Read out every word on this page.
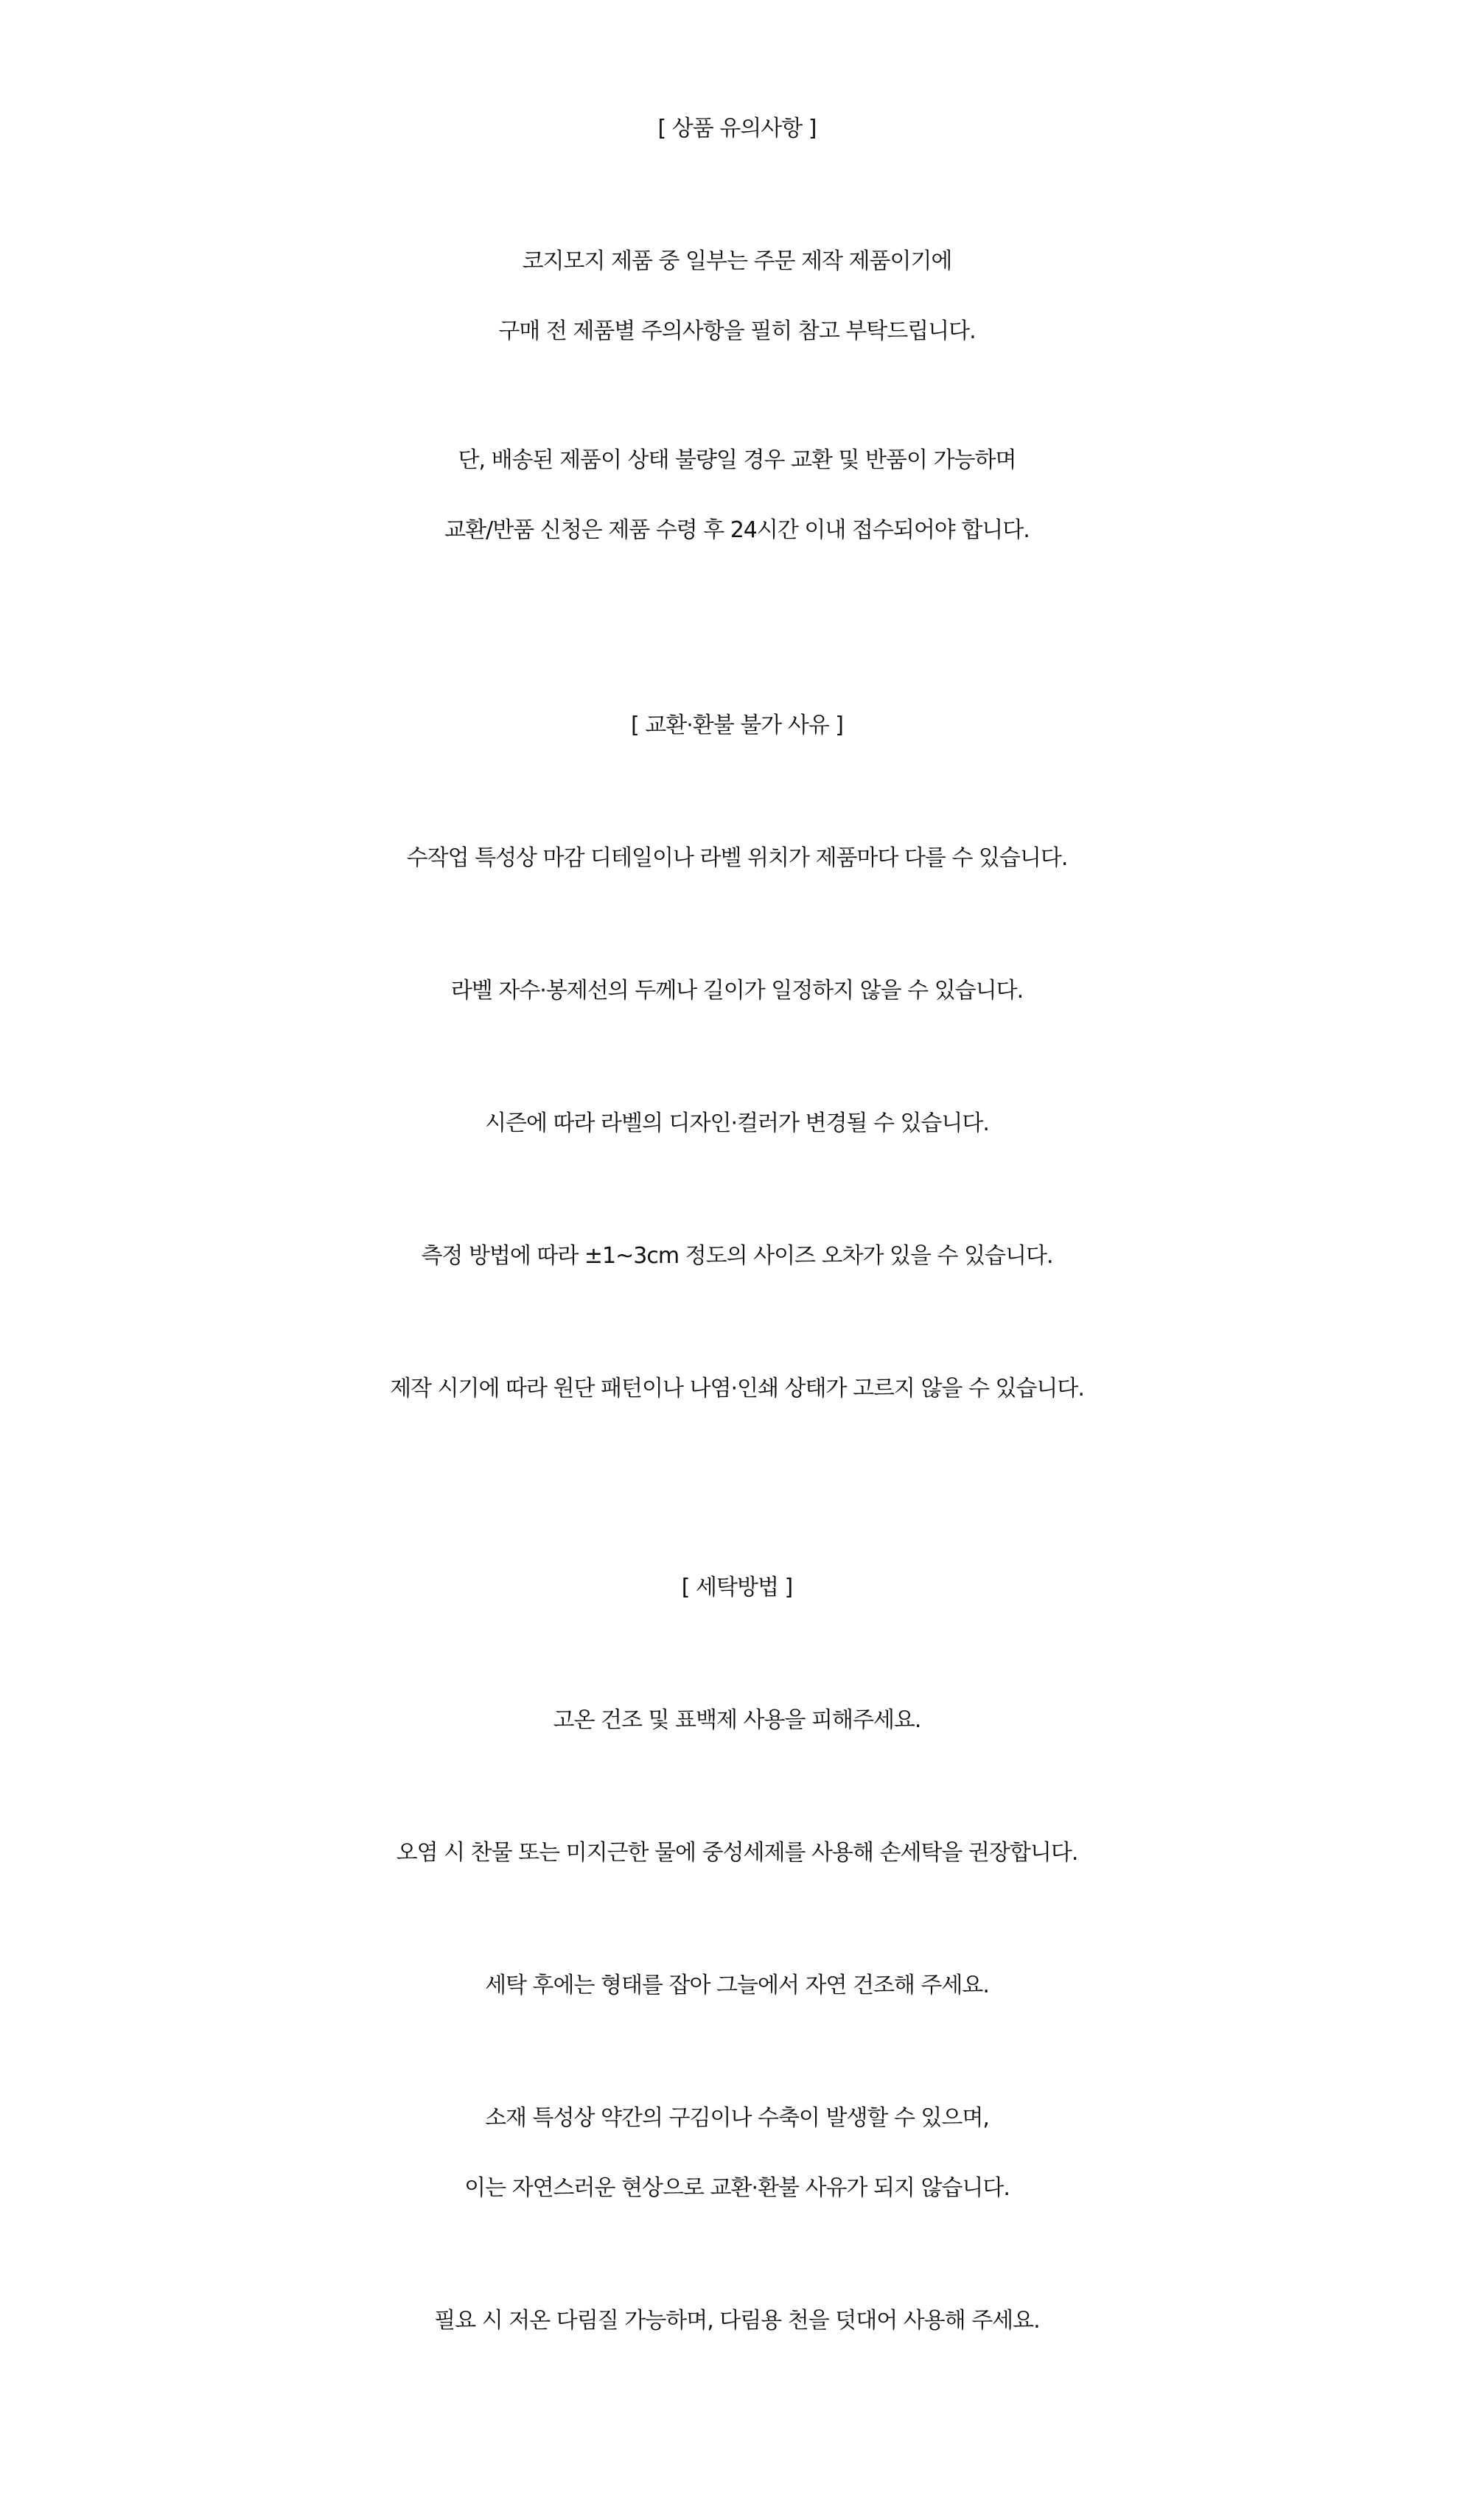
[ 상품 유의사항 ]
코지모지 제품 중 일부는 주문 제작 제품이기에
구매 전 제품별 주의사항을 필히 참고 부탁드립니다.
단, 배송된 제품이 상태 불량일 경우 교환 및 반품이 가능하며
교환/반품 신청은 제품 수령 후 24시간 이내 접수되어야 합니다.
[ 교환·환불 불가 사유 ]
수작업 특성상 마감 디테일이나 라벨 위치가 제품마다 다를 수 있습니다.
라벨 자수·봉제선의 두께나 길이가 일정하지 않을 수 있습니다.
시즌에 따라 라벨의 디자인·컬러가 변경될 수 있습니다.
측정 방법에 따라 ±1~3cm 정도의 사이즈 오차가 있을 수 있습니다.
제작 시기에 따라 원단 패턴이나 나염·인쇄 상태가 고르지 않을 수 있습니다.
[ 세탁방법 ]
고온 건조 및 표백제 사용을 피해주세요.
오염 시 찬물 또는 미지근한 물에 중성세제를 사용해 손세탁을 권장합니다.
세탁 후에는 형태를 잡아 그늘에서 자연 건조해 주세요.
소재 특성상 약간의 구김이나 수축이 발생할 수 있으며,
이는 자연스러운 현상으로 교환·환불 사유가 되지 않습니다.
필요 시 저온 다림질 가능하며, 다림용 천을 덧대어 사용해 주세요.
